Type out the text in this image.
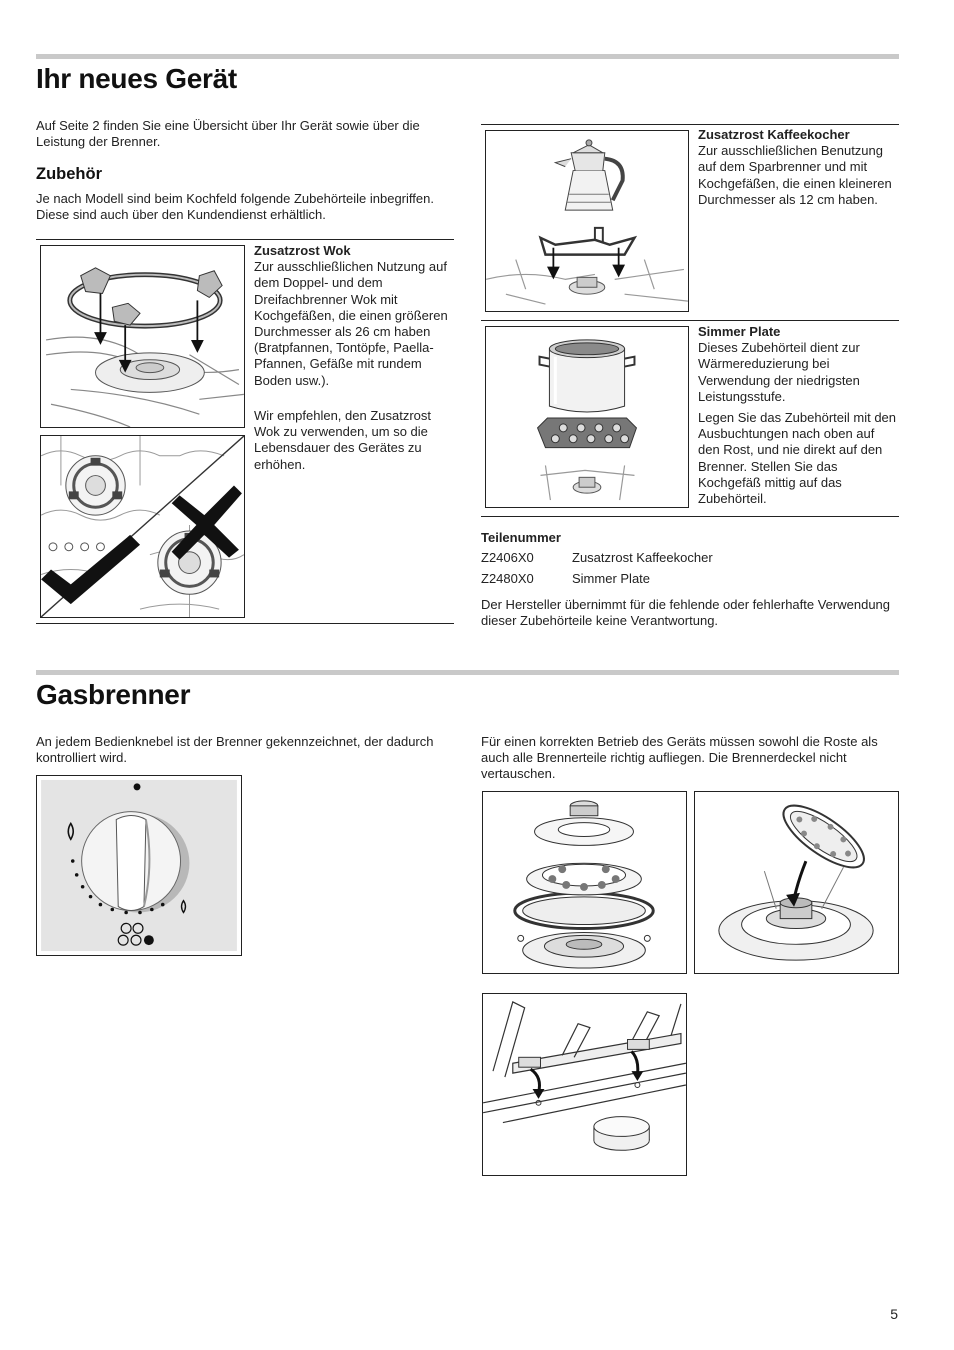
Ihr neues Gerät
Auf Seite 2 finden Sie eine Übersicht über Ihr Gerät sowie über die Leistung der Brenner.
Zubehör
Je nach Modell sind beim Kochfeld folgende Zubehörteile inbegriffen. Diese sind auch über den Kundendienst erhältlich.
Zusatzrost Wok
Zur ausschließlichen Nutzung auf dem Doppel- und dem Dreifachbrenner Wok mit Kochgefäßen, die einen größeren Durchmesser als 26 cm haben (Bratpfannen, Tontöpfe, Paella-Pfannen, Gefäße mit rundem Boden usw.).
Wir empfehlen, den Zusatzrost Wok zu verwenden, um so die Lebensdauer des Gerätes zu erhöhen.
Zusatzrost Kaffeekocher
Zur ausschließlichen Benutzung auf dem Sparbrenner und mit Kochgefäßen, die einen kleineren Durchmesser als 12 cm haben.
Simmer Plate
Dieses Zubehörteil dient zur Wärmereduzierung bei Verwendung der niedrigsten Leistungsstufe.
Legen Sie das Zubehörteil mit den Ausbuchtungen nach oben auf den Rost, und nie direkt auf den Brenner. Stellen Sie das Kochgefäß mittig auf das Zubehörteil.
Teilenummer
Z2406X0	Zusatzrost Kaffeekocher
Z2480X0	Simmer Plate
Der Hersteller übernimmt für die fehlende oder fehlerhafte Verwendung dieser Zubehörteile keine Verantwortung.
Gasbrenner
An jedem Bedienknebel ist der Brenner gekennzeichnet, der dadurch kontrolliert wird.
Für einen korrekten Betrieb des Geräts müssen sowohl die Roste als auch alle Brennerteile richtig aufliegen. Die Brennerdeckel nicht vertauschen.
5
